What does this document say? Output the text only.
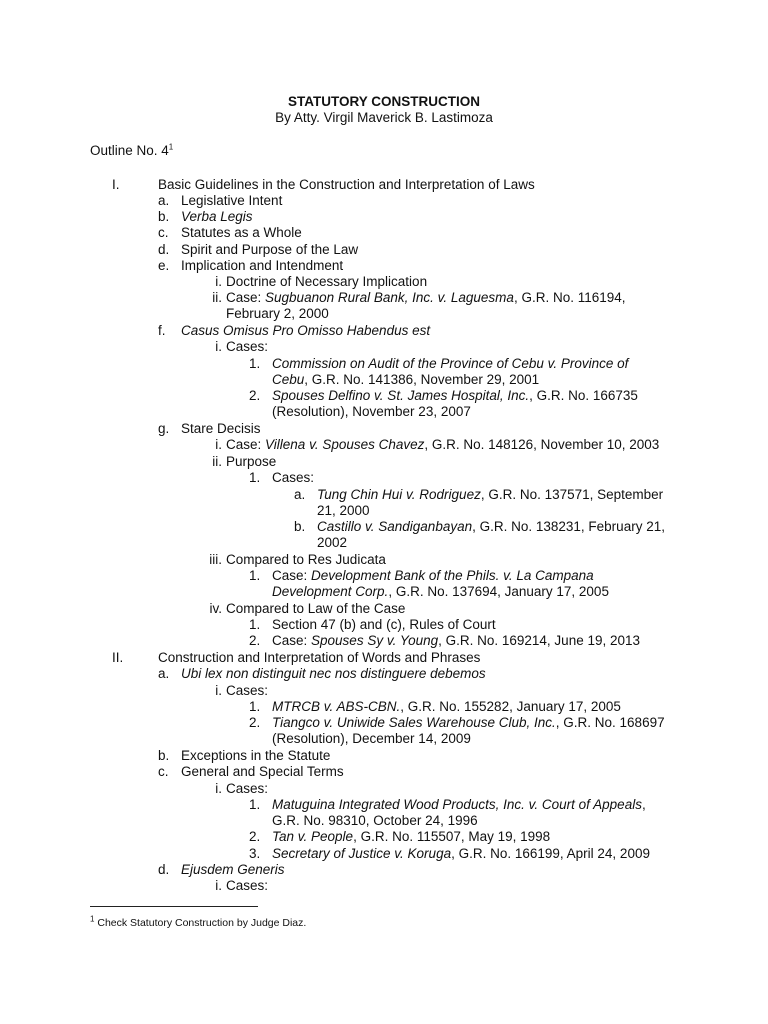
STATUTORY CONSTRUCTION
By Atty. Virgil Maverick B. Lastimoza
Outline No. $4^1$
I.	Basic Guidelines in the Construction and Interpretation of Laws
a. Legislative Intent
b. Verba Legis
c. Statutes as a Whole
d. Spirit and Purpose of the Law
e. Implication and Intendment
i. Doctrine of Necessary Implication
ii. Case: Sugbuanon Rural Bank, Inc. v. Laguesma, G.R. No. 116194,
February 2, 2000
f. Casus Omisus Pro Omisso Habendus est
i. Cases:
1. Commission on Audit of the Province of Cebu v. Province of
Cebu, G.R. No. 141386, November 29, 2001
2. Spouses Delfino v. St. James Hospital, Inc., G.R. No. 166735
(Resolution), November 23, 2007
g. Stare Decisis
i. Case: Villena v. Spouses Chavez, G.R. No. 148126, November 10, 2003
ii. Purpose
1. Cases:
a. Tung Chin Hui v. Rodriguez, G.R. No. 137571, September
21, 2000
b. Castillo v. Sandiganbayan, G.R. No. 138231, February 21,
2002
iii. Compared to Res Judicata
1. Case: Development Bank of the Phils. v. La Campana
Development Corp., G.R. No. 137694, January 17, 2005
iv. Compared to Law of the Case
1. Section 47 (b) and (c), Rules of Court
2. Case: Spouses Sy v. Young, G.R. No. 169214, June 19, 2013
II.	Construction and Interpretation of Words and Phrases
a. Ubi lex non distinguit nec nos distinguere debemos
i. Cases:
1. MTRCB v. ABS-CBN., G.R. No. 155282, January 17, 2005
2. Tiangco v. Uniwide Sales Warehouse Club, Inc., G.R. No. 168697
(Resolution), December 14, 2009
b. Exceptions in the Statute
c. General and Special Terms
i. Cases:
1. Matuguina Integrated Wood Products, Inc. v. Court of Appeals,
G.R. No. 98310, October 24, 1996
2. Tan v. People, G.R. No. 115507, May 19, 1998
3. Secretary of Justice v. Koruga, G.R. No. 166199, April 24, 2009
d. Ejusdem Generis
i. Cases:
$^1$ Check Statutory Construction by Judge Diaz.
